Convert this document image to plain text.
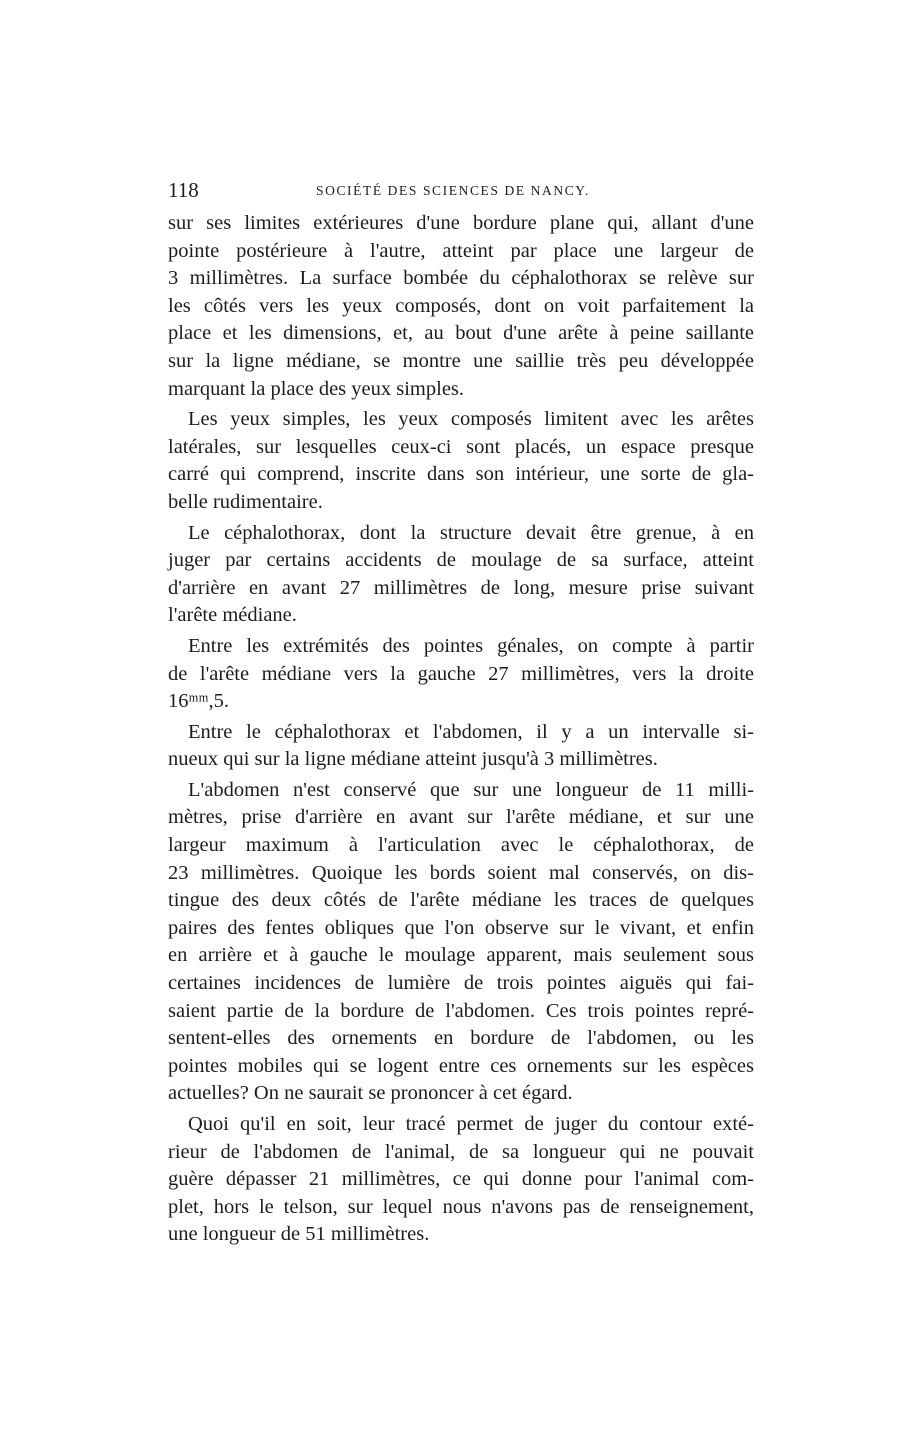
118	SOCIÉTÉ DES SCIENCES DE NANCY.
sur ses limites extérieures d'une bordure plane qui, allant d'une
pointe postérieure à l'autre, atteint par place une largeur de
3 millimètres. La surface bombée du céphalothorax se relève sur
les côtés vers les yeux composés, dont on voit parfaitement la
place et les dimensions, et, au bout d'une arête à peine saillante
sur la ligne médiane, se montre une saillie très peu développée
marquant la place des yeux simples.
Les yeux simples, les yeux composés limitent avec les arêtes
latérales, sur lesquelles ceux-ci sont placés, un espace presque
carré qui comprend, inscrite dans son intérieur, une sorte de gla-
belle rudimentaire.
Le céphalothorax, dont la structure devait être grenue, à en
juger par certains accidents de moulage de sa surface, atteint
d'arrière en avant 27 millimètres de long, mesure prise suivant
l'arête médiane.
Entre les extrémités des pointes génales, on compte à partir
de l'arête médiane vers la gauche 27 millimètres, vers la droite
16ᵐᵐ,5.
Entre le céphalothorax et l'abdomen, il y a un intervalle si-
nueux qui sur la ligne médiane atteint jusqu'à 3 millimètres.
L'abdomen n'est conservé que sur une longueur de 11 milli-
mètres, prise d'arrière en avant sur l'arête médiane, et sur une
largeur maximum à l'articulation avec le céphalothorax, de
23 millimètres. Quoique les bords soient mal conservés, on dis-
tingue des deux côtés de l'arête médiane les traces de quelques
paires des fentes obliques que l'on observe sur le vivant, et enfin
en arrière et à gauche le moulage apparent, mais seulement sous
certaines incidences de lumière de trois pointes aiguës qui fai-
saient partie de la bordure de l'abdomen. Ces trois pointes repré-
sentent-elles des ornements en bordure de l'abdomen, ou les
pointes mobiles qui se logent entre ces ornements sur les espèces
actuelles? On ne saurait se prononcer à cet égard.
Quoi qu'il en soit, leur tracé permet de juger du contour exté-
rieur de l'abdomen de l'animal, de sa longueur qui ne pouvait
guère dépasser 21 millimètres, ce qui donne pour l'animal com-
plet, hors le telson, sur lequel nous n'avons pas de renseignement,
une longueur de 51 millimètres.
